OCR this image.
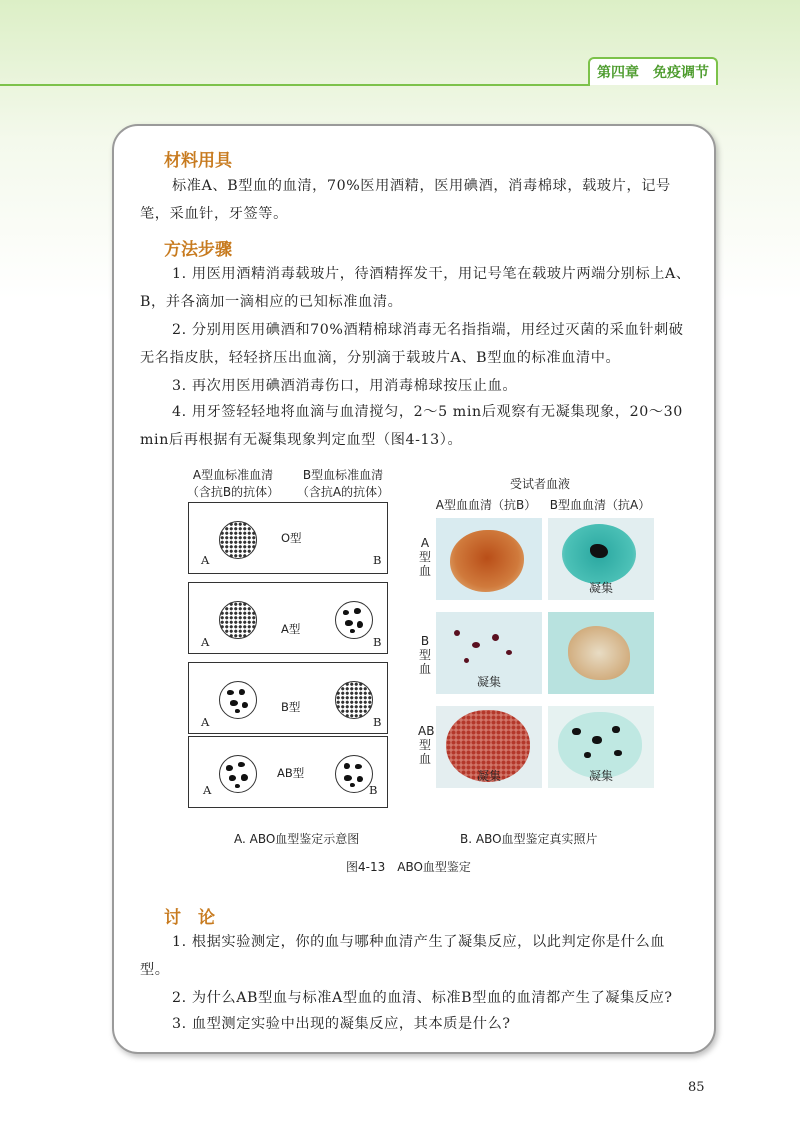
第四章 免疫调节
材料用具
标准A、B型血的血清，70%医用酒精，医用碘酒，消毒棉球，载玻片，记号笔，采血针，牙签等。
方法步骤
1. 用医用酒精消毒载玻片，待酒精挥发干，用记号笔在载玻片两端分别标上A、B，并各滴加一滴相应的已知标准血清。
2. 分别用医用碘酒和70%酒精棉球消毒无名指指端，用经过灭菌的采血针刺破无名指皮肤，轻轻挤压出血滴，分别滴于载玻片A、B型血的标准血清中。
3. 再次用医用碘酒消毒伤口，用消毒棉球按压止血。
4. 用牙签轻轻地将血滴与血清搅匀，2～5 min后观察有无凝集现象，20～30 min后再根据有无凝集现象判定血型（图4-13）。
A型血标准血清
（含抗B的抗体）
B型血标准血清
（含抗A的抗体）
O型
A	B
A型
A	B
B型
A	B
AB型
A	B
受试者血液
A型血血清（抗B）	B型血血清（抗A）
A型血
B型血
AB型血
凝集
凝集
凝集	凝集
A. ABO血型鉴定示意图	B. ABO血型鉴定真实照片
图4-13　ABO血型鉴定
讨　论
1. 根据实验测定，你的血与哪种血清产生了凝集反应，以此判定你是什么血型。
2. 为什么AB型血与标准A型血的血清、标准B型血的血清都产生了凝集反应?
3. 血型测定实验中出现的凝集反应，其本质是什么?
85
